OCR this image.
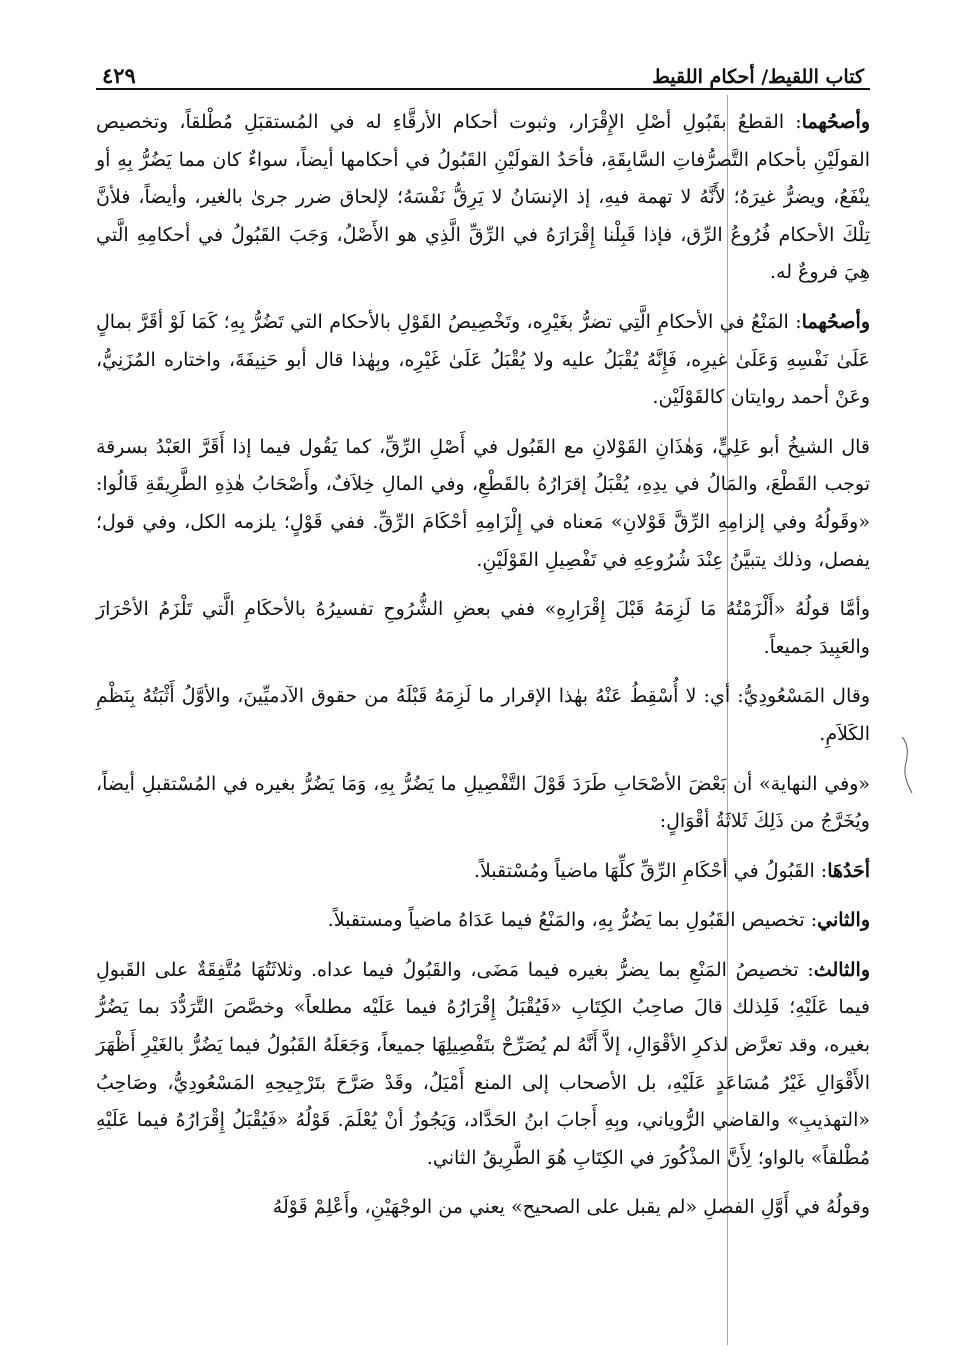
كتاب اللقيط/ أحكام اللقيط
٤٢٩

وأصحُهما: القطعُ بقَبُولِ أصْلِ الإِقْرَار، وثبوت أحكام الأرقَّاءِ له في المُستقبَلِ مُطْلقاً، وتخصيص القولَيْنِ بأحكام التَّصرُّفاتِ السَّابِقَةِ، فأحَدُ القولَيْنِ القَبُولُ في أحكامها أيضاً، سواءٌ كان مما يَضُرُّ بِهِ أو ينْفَعُ، ويضرُّ غيرَهُ؛ لأَنَّهُ لا تهمة فيهِ، إذ الإنسَانُ لا يَرِقُّ نَفْسَهُ؛ لإلحاق ضرر جرىٰ بالغير، وأيضاً، فلأنَّ تِلْكَ الأحكام فُرُوعُ الرِّق، فإذا قَبِلْنا إِقْرَارَهُ في الرِّقِّ الَّذِي هو الأَصْلُ، وَجَبَ القَبُولُ في أحكامِهِ الَّتي هِيَ فروعٌ له.

وأصحُهما: المَنْعُ في الأحكامِ الَّتِي تضرُّ بغَيْرِه، وتَخْصِيصُ القَوْلِ بالأحكام التي تَضُرُّ بِهِ؛ كَمَا لَوْ أقَرَّ بمالٍ عَلَىٰ نَفْسِهِ وَعَلَىٰ غيرِه، فَإِنَّهُ يُقْبَلُ عليه ولا يُقْبَلُ عَلَىٰ غَيْرِه، وبِهٰذا قال أبو حَنِيفَةَ، واختاره المُزَنِيُّ، وعَنْ أحمد روايتان كالقَوْلَيْن.

قال الشيخُ أبو عَلِيٍّ، وَهٰذَانِ القَوْلانِ مع القَبُول في أَصْلِ الرِّقِّ، كما يَقُول فيما إذا أَقَرَّ العَبْدُ بسرقة توجب القَطْعَ، والمَالُ في يدِهِ، يُقْبَلُ إقرَارُهُ بالقَطْعِ، وفي المالِ خِلاَفٌ، وأَصْحَابُ هٰذِهِ الطَّرِيقَةِ قَالُوا: «وقَولُهُ وفي إلزامِهِ الرِّقَّ قَوْلانِ» مَعناه في إِلْزَامِهِ أحْكَامَ الرِّقِّ. ففي قَوْلٍ؛ يلزمه الكل، وفي قول؛ يفصل، وذلك يتبيَّنُ عِنْدَ شُرُوعِهِ في تَفْصِيلِ القَوْلَيْنِ.

وأمَّا قولُهُ «أَلْزَمْتُهُ مَا لَزِمَهُ قَبْلَ إِقْرَارِهِ» ففي بعضِ الشُّرُوحِ تفسيرُهُ بالأحكَامِ الَّتي تَلْزَمُ الأحْرَارَ والعَبِيدَ جميعاً.

وقال المَسْعُودِيُّ: أي: لا أُسْقِطُ عَنْهُ بهٰذا الإقرار ما لَزِمَهُ قَبْلَهُ من حقوق الآدميِّينَ، والأوَّلُ أَثْبَتُهُ بِنَظْمِ الكَلاَمِ.

«وفي النهاية» أن بَعْضَ الأصْحَابِ طَرَدَ قَوْلَ التَّفْصِيلِ ما يَضُرُّ بِهِ، وَمَا يَضُرُّ بغيره في المُسْتقبلِ أيضاً، ويُخَرَّجُ من ذَلِكَ ثَلاثَةُ أقْوَالٍ:

أحَدُهَا: القَبُولُ في أحْكَامِ الرِّقِّ كلِّهَا ماضياً ومُسْتقبلاً.

والثاني: تخصيص القَبُولِ بما يَضُرُّ بِهِ، والمَنْعُ فيما عَدَاهُ ماضياً ومستقبلاً.

والثالث: تخصيصُ المَنْعِ بما يضرُّ بغيره فيما مَضَى، والقَبُولُ فيما عداه. وثلاثَتُهَا مُتَّفِقَةٌ على القَبولِ فيما عَلَيْهِ؛ فَلِذلك قالَ صاحِبُ الكِتَابِ «فَيُقْبَلُ إِقْرَارُهُ فيما عَلَيْه مطلعاً» وخصَّصَ التَّرَدُّدَ بما يَضُرُّ بغيره، وقد تعرَّض لذكرِ الأقْوَالِ، إلاَّ أَنَّهُ لم يُصَرِّحْ بتَفْصِيلِهَا جميعاً، وَجَعَلَهُ القَبُولُ فيما يَضُرُّ بالغَيْرِ أَظْهَرَ الأَقْوَالِ غَيْرُ مُسَاعَدٍ عَلَيْهِ، بل الأصحاب إلى المنع أَمْيَلُ، وقَدْ صَرَّحَ بتَرْجِيحِهِ المَسْعُودِيُّ، وصَاحِبُ «التهذيبِ» والقاضي الرُّوياني، وبِهِ أَجابَ ابنُ الحَدَّاد، وَيَجُوزُ أنْ يُعْلَمَ. قَوْلُهُ «فَيُقْبَلُ إِقْرَارُهُ فيما عَلَيْهِ مُطْلقاً» بالواو؛ لِأَنَّ المذْكُورَ في الكِتَابِ هُوَ الطَّرِيقُ الثاني.

وقولُهُ في أَوَّلِ الفصلِ «لم يقبل على الصحيح» يعني من الوجْهَيْنِ، وأَعْلِمْ قَوْلَهُ
